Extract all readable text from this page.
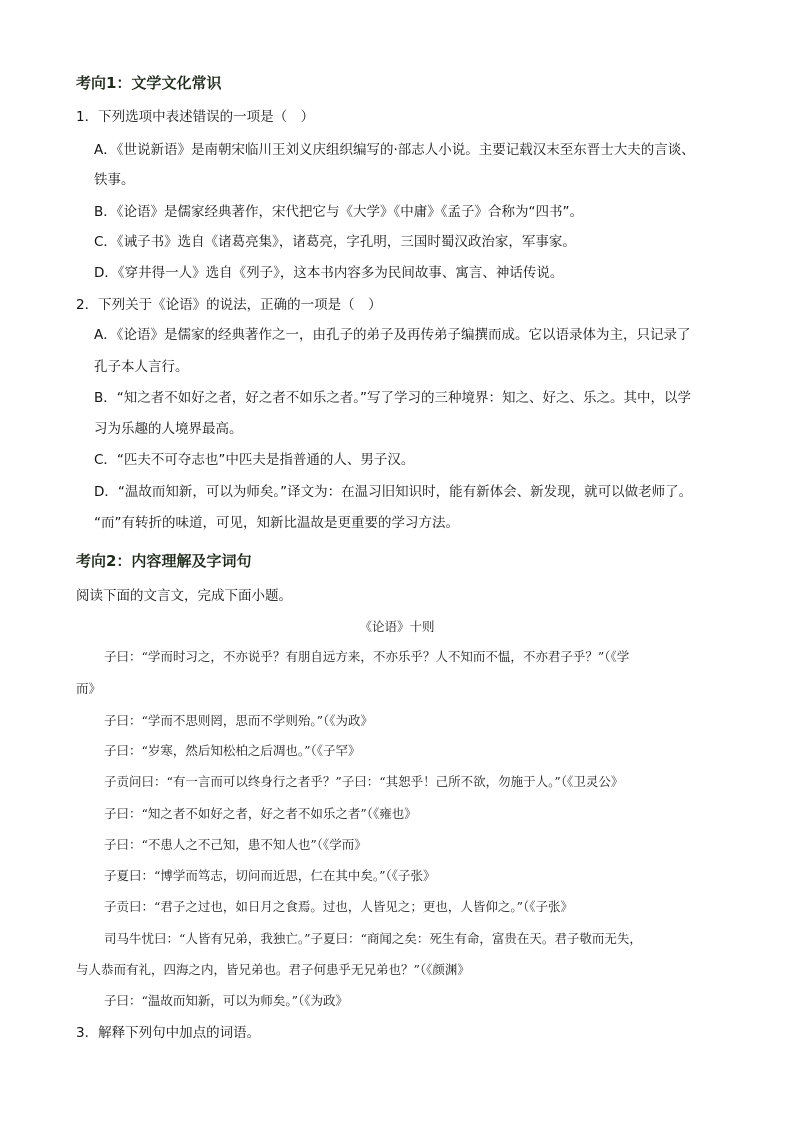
考向1：文学文化常识
1．下列选项中表述错误的一项是（　）
A．《世说新语》是南朝宋临川王刘义庆组织编写的·部志人小说。主要记载汉末至东晋士大夫的言谈、
铁事。
B．《论语》是儒家经典著作，宋代把它与《大学》《中庸》《孟子》合称为“四书”。
C．《诫子书》选自《诸葛亮集》，诸葛亮，字孔明，三国时蜀汉政治家，军事家。
D．《穿井得一人》选自《列子》，这本书内容多为民间故事、寓言、神话传说。
2．下列关于《论语》的说法，正确的一项是（　）
A．《论语》是儒家的经典著作之一，由孔子的弟子及再传弟子编撰而成。它以语录体为主，只记录了
孔子本人言行。
B．“知之者不如好之者，好之者不如乐之者。”写了学习的三种境界：知之、好之、乐之。其中，以学
习为乐趣的人境界最高。
C．“匹夫不可夺志也”中匹夫是指普通的人、男子汉。
D．“温故而知新，可以为师矣。”译文为：在温习旧知识时，能有新体会、新发现，就可以做老师了。
“而”有转折的味道，可见，知新比温故是更重要的学习方法。
考向2：内容理解及字词句
阅读下面的文言文，完成下面小题。
《论语》十则
子曰：“学而时习之，不亦说乎？有朋自远方来，不亦乐乎？人不知而不愠，不亦君子乎？”（《学
而》
子曰：“学而不思则罔，思而不学则殆。”（《为政》
子曰：“岁寒，然后知松柏之后凋也。”（《子罕》
子贡问曰：“有一言而可以终身行之者乎？”子曰：“其恕乎！己所不欲，勿施于人。”（《卫灵公》
子曰：“知之者不如好之者，好之者不如乐之者”（《雍也》
子曰：“不患人之不己知，患不知人也”（《学而》
子夏曰：“博学而笃志，切问而近思，仁在其中矣。”（《子张》
子贡曰：“君子之过也，如日月之食焉。过也，人皆见之；更也，人皆仰之。”（《子张》
司马牛忧曰：“人皆有兄弟，我独亡。”子夏曰：“商闻之矣：死生有命，富贵在天。君子敬而无失，
与人恭而有礼，四海之内，皆兄弟也。君子何患乎无兄弟也？”（《颜渊》
子曰：“温故而知新，可以为师矣。”（《为政》
3．解释下列句中加点的词语。
